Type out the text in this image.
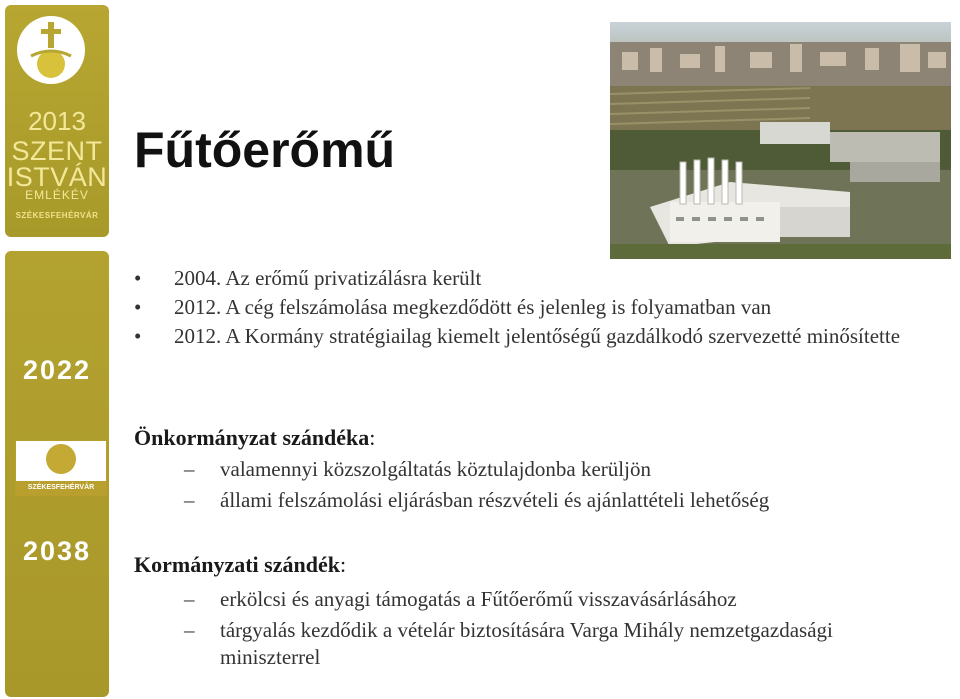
2013
SZENT
ISTVÁN
EMLÉKÉV
SZÉKESFEHÉRVÁR
2022
SZÉKESFEHÉRVÁR
2038
Fűtőerőmű
• 2004. Az erőmű privatizálásra került
• 2012. A cég felszámolása megkezdődött és jelenleg is folyamatban van
• 2012. A Kormány stratégiailag kiemelt jelentőségű gazdálkodó szervezetté minősítette
Önkormányzat szándéka:
– valamennyi közszolgáltatás köztulajdonba kerüljön
– állami felszámolási eljárásban részvételi és ajánlattételi lehetőség
Kormányzati szándék:
– erkölcsi és anyagi támogatás a Fűtőerőmű visszavásárlásához
– tárgyalás kezdődik a vételár biztosítására Varga Mihály nemzetgazdasági miniszterrel
